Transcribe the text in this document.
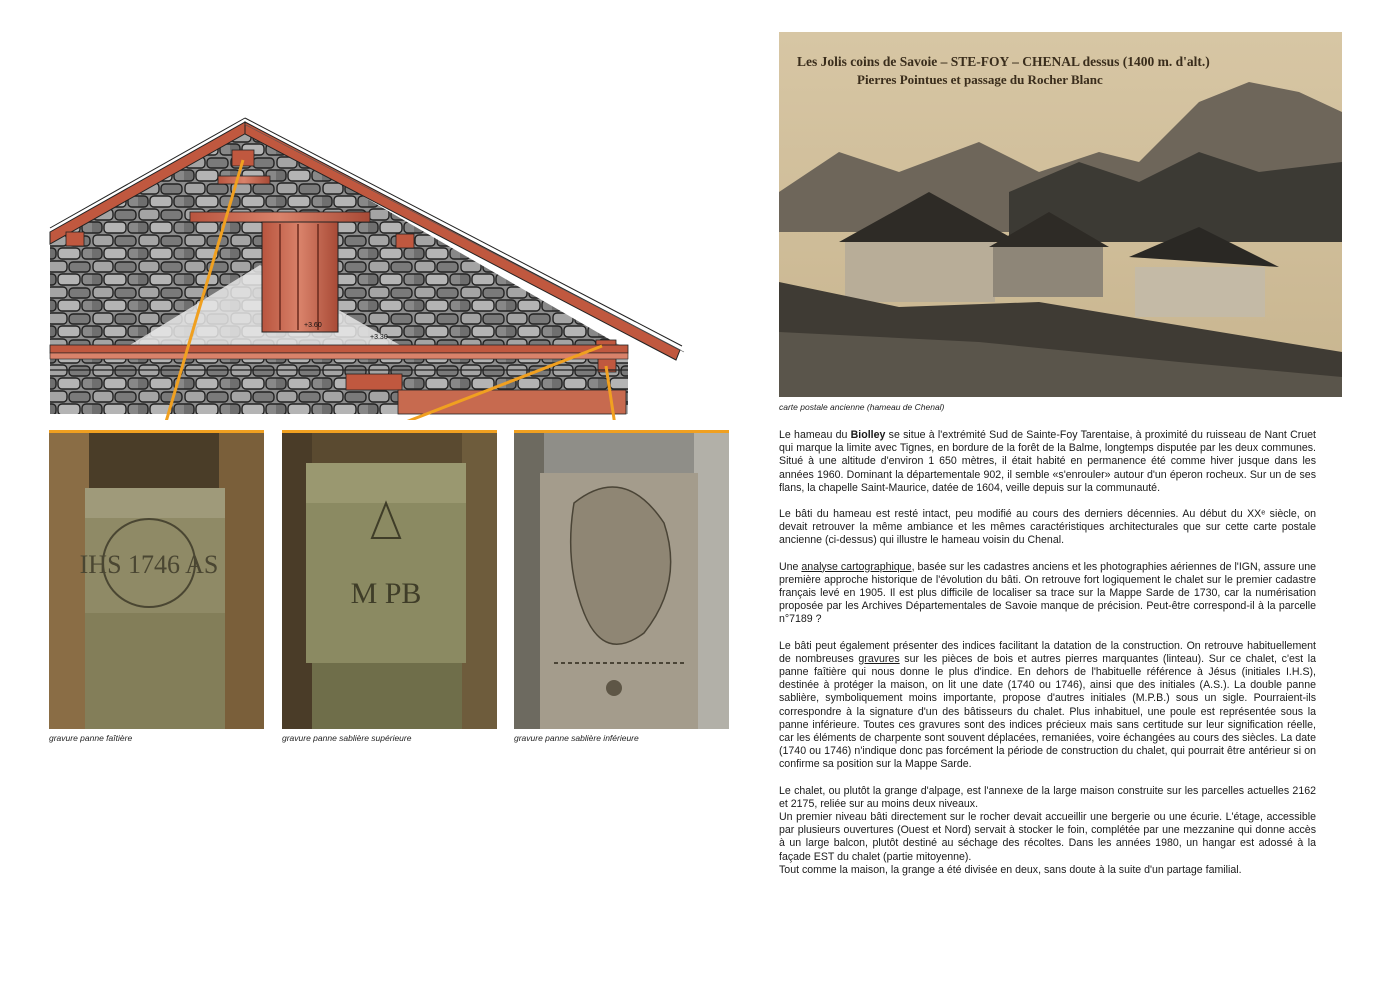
+3.60
+3.30
IHS 1746 AS
gravure panne faîtière
M PB
gravure panne sablière supérieure	gravure panne sablière inférieure
Les Jolis coins de Savoie – STE-FOY – CHENAL dessus (1400 m. d'alt.)
Pierres Pointues et passage du Rocher Blanc
carte postale ancienne (hameau de Chenal)

Le hameau du Biolley se situe à l'extrémité Sud de Sainte-Foy Tarentaise, à proximité du ruisseau de Nant Cruet qui marque la limite avec Tignes, en bordure de la forêt de la Balme, longtemps disputée par les deux communes. Situé à une altitude d'environ 1 650 mètres, il était habité en permanence été comme hiver jusque dans les années 1960. Dominant la départementale 902, il semble «s'enrouler» autour d'un éperon rocheux. Sur un de ses flans, la chapelle Saint-Maurice, datée de 1604, veille depuis sur la communauté.

Le bâti du hameau est resté intact, peu modifié au cours des derniers décennies. Au début du XXᵉ siècle, on devait retrouver la même ambiance et les mêmes caractéristiques architecturales que sur cette carte postale ancienne (ci-dessus) qui illustre le hameau voisin du Chenal.

Une analyse cartographique, basée sur les cadastres anciens et les photographies aériennes de l'IGN, assure une première approche historique de l'évolution du bâti. On retrouve fort logiquement le chalet sur le premier cadastre français levé en 1905. Il est plus difficile de localiser sa trace sur la Mappe Sarde de 1730, car la numérisation proposée par les Archives Départementales de Savoie manque de précision. Peut-être correspond-il à la parcelle n°7189 ?

Le bâti peut également présenter des indices facilitant la datation de la construction. On retrouve habituellement de nombreuses gravures sur les pièces de bois et autres pierres marquantes (linteau). Sur ce chalet, c'est la panne faîtière qui nous donne le plus d'indice. En dehors de l'habituelle référence à Jésus (initiales I.H.S), destinée à protéger la maison, on lit une date (1740 ou 1746), ainsi que des initiales (A.S.). La double panne sablière, symboliquement moins importante, propose d'autres initiales (M.P.B.) sous un sigle. Pourraient-ils correspondre à la signature d'un des bâtisseurs du chalet. Plus inhabituel, une poule est représentée sous la panne inférieure. Toutes ces gravures sont des indices précieux mais sans certitude sur leur signification réelle, car les éléments de charpente sont souvent déplacées, remaniées, voire échangées au cours des siècles. La date (1740 ou 1746) n'indique donc pas forcément la période de construction du chalet, qui pourrait être antérieur si on confirme sa position sur la Mappe Sarde.

Le chalet, ou plutôt la grange d'alpage, est l'annexe de la large maison construite sur les parcelles actuelles 2162 et 2175, reliée sur au moins deux niveaux.
Un premier niveau bâti directement sur le rocher devait accueillir une bergerie ou une écurie. L'étage, accessible par plusieurs ouvertures (Ouest et Nord) servait à stocker le foin, complétée par une mezzanine qui donne accès à un large balcon, plutôt destiné au séchage des récoltes. Dans les années 1980, un hangar est adossé à la façade EST du chalet (partie mitoyenne).
Tout comme la maison, la grange a été divisée en deux, sans doute à la suite d'un partage familial.
